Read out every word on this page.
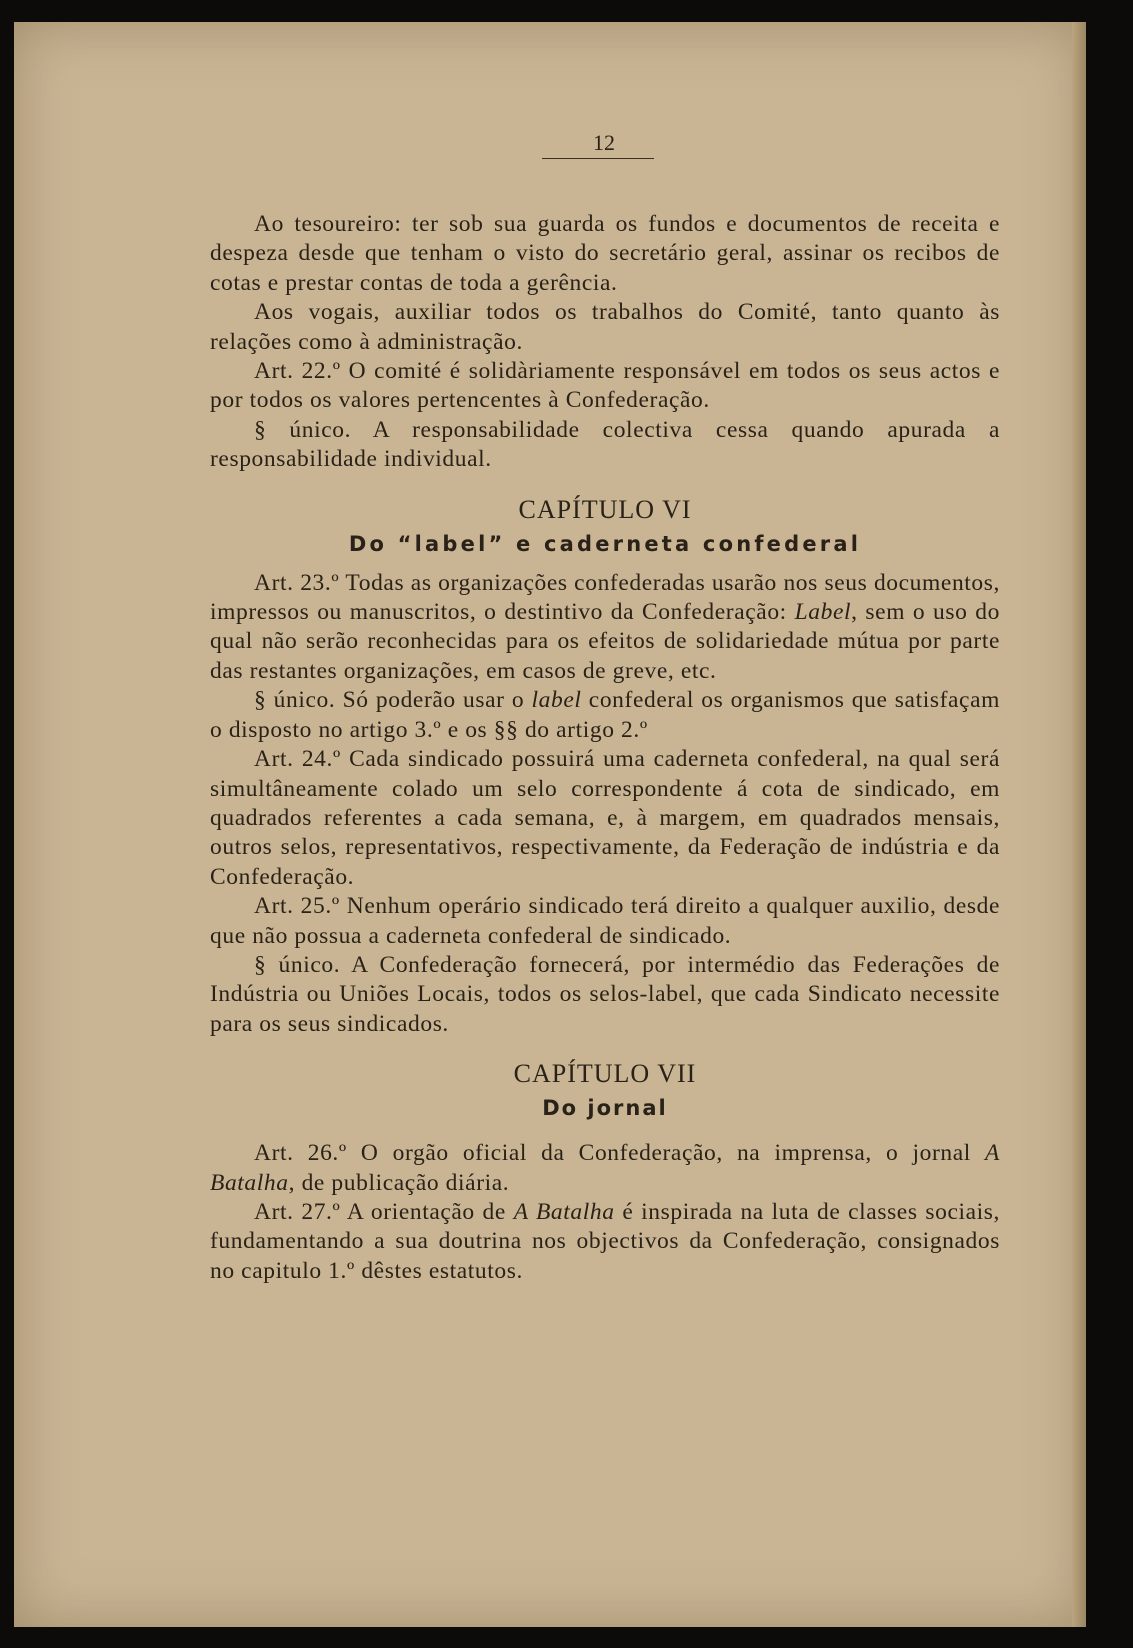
12

Ao tesoureiro: ter sob sua guarda os fundos e documentos de receita e despeza desde que tenham o visto do secretário geral, assinar os recibos de cotas e prestar contas de toda a gerência.

Aos vogais, auxiliar todos os trabalhos do Comité, tanto quanto às relações como à administração.

Art. 22.º O comité é solidàriamente responsável em todos os seus actos e por todos os valores pertencentes à Confederação.

§ único. A responsabilidade colectiva cessa quando apurada a responsabilidade individual.

CAPÍTULO VI
Do “label” e caderneta confederal

Art. 23.º Todas as organizações confederadas usarão nos seus documentos, impressos ou manuscritos, o destintivo da Confederação: Label, sem o uso do qual não serão reconhecidas para os efeitos de solidariedade mútua por parte das restantes organizações, em casos de greve, etc.

§ único. Só poderão usar o label confederal os organismos que satisfaçam o disposto no artigo 3.º e os §§ do artigo 2.º

Art. 24.º Cada sindicado possuirá uma caderneta confederal, na qual será simultâneamente colado um selo correspondente á cota de sindicado, em quadrados referentes a cada semana, e, à margem, em quadrados mensais, outros selos, representativos, respectivamente, da Federação de indústria e da Confederação.

Art. 25.º Nenhum operário sindicado terá direito a qualquer auxilio, desde que não possua a caderneta confederal de sindicado.

§ único. A Confederação fornecerá, por intermédio das Federações de Indústria ou Uniões Locais, todos os selos-label, que cada Sindicato necessite para os seus sindicados.

CAPÍTULO VII
Do jornal

Art. 26.º O orgão oficial da Confederação, na imprensa, o jornal A Batalha, de publicação diária.

Art. 27.º A orientação de A Batalha é inspirada na luta de classes sociais, fundamentando a sua doutrina nos objectivos da Confederação, consignados no capitulo 1.º dêstes estatutos.
